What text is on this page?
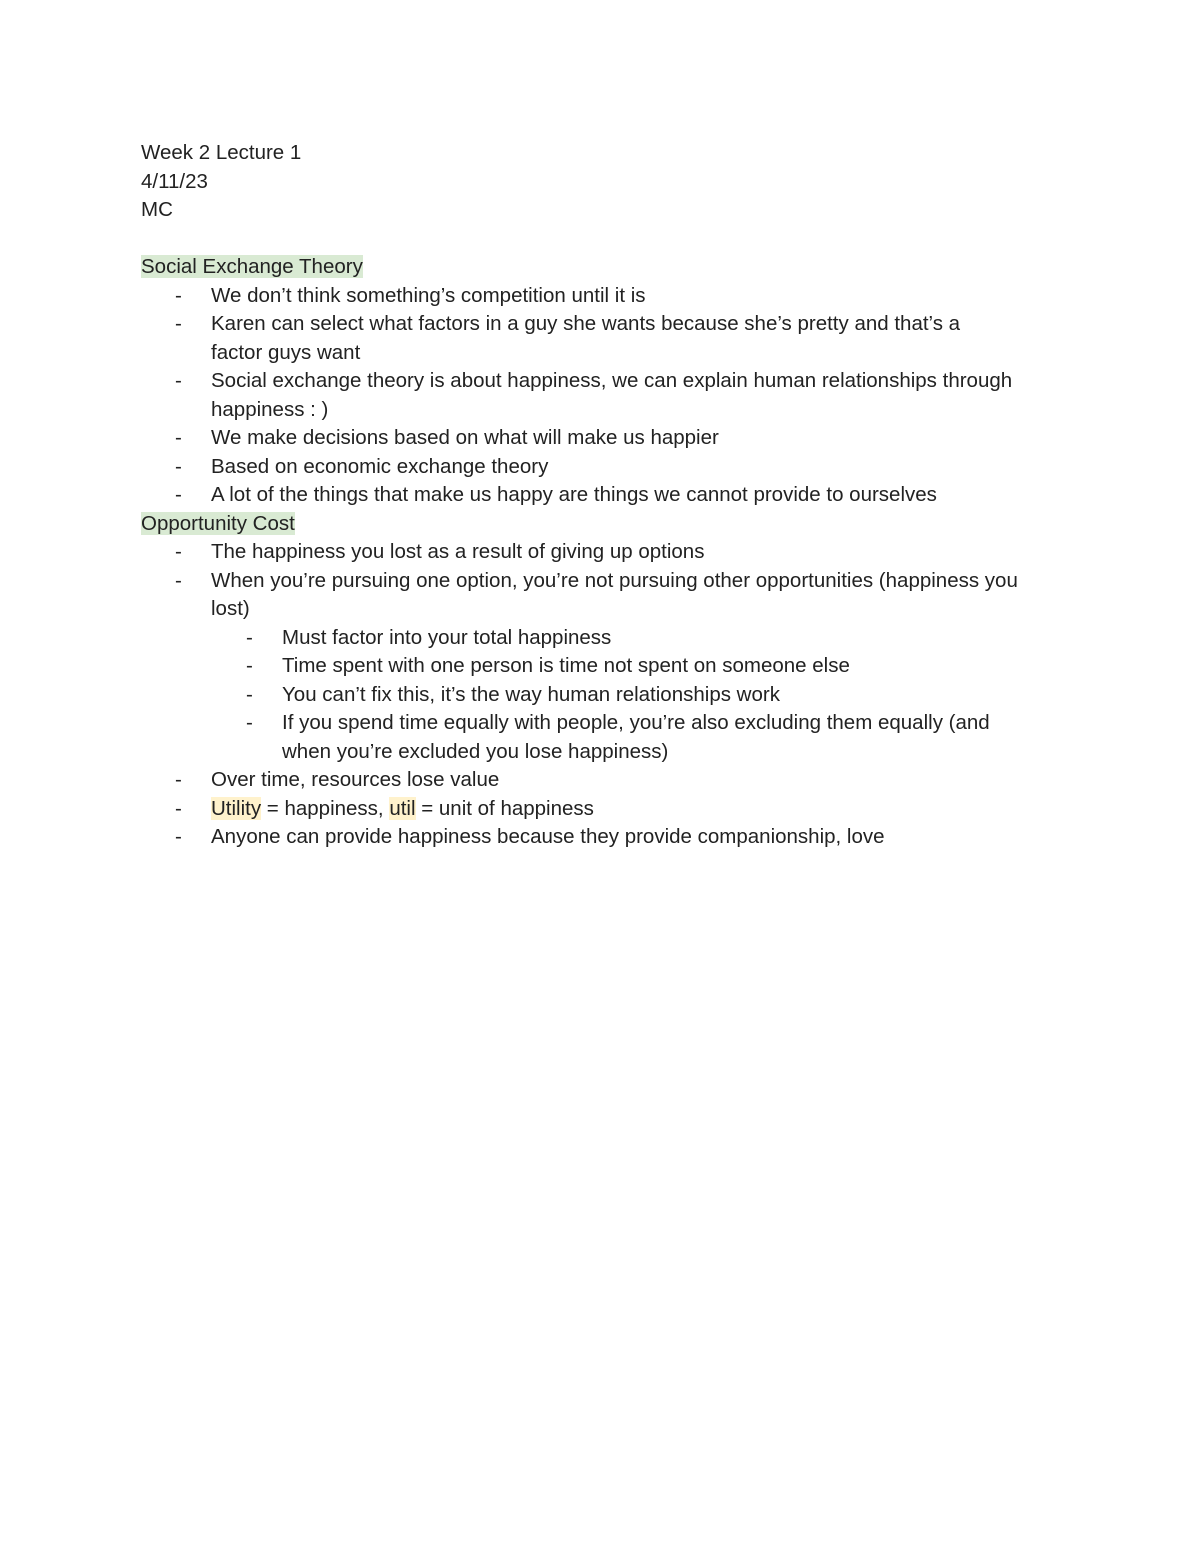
Week 2 Lecture 1

4/11/23

MC

Social Exchange Theory

- We don’t think something’s competition until it is
- Karen can select what factors in a guy she wants because she’s pretty and that’s a factor guys want
- Social exchange theory is about happiness, we can explain human relationships through happiness : )
- We make decisions based on what will make us happier
- Based on economic exchange theory
- A lot of the things that make us happy are things we cannot provide to ourselves

Opportunity Cost

- The happiness you lost as a result of giving up options
- When you’re pursuing one option, you’re not pursuing other opportunities (happiness you lost)
- Must factor into your total happiness
- Time spent with one person is time not spent on someone else
- You can’t fix this, it’s the way human relationships work
- If you spend time equally with people, you’re also excluding them equally (and when you’re excluded you lose happiness)
- Over time, resources lose value
- Utility = happiness, util = unit of happiness
- Anyone can provide happiness because they provide companionship, love
